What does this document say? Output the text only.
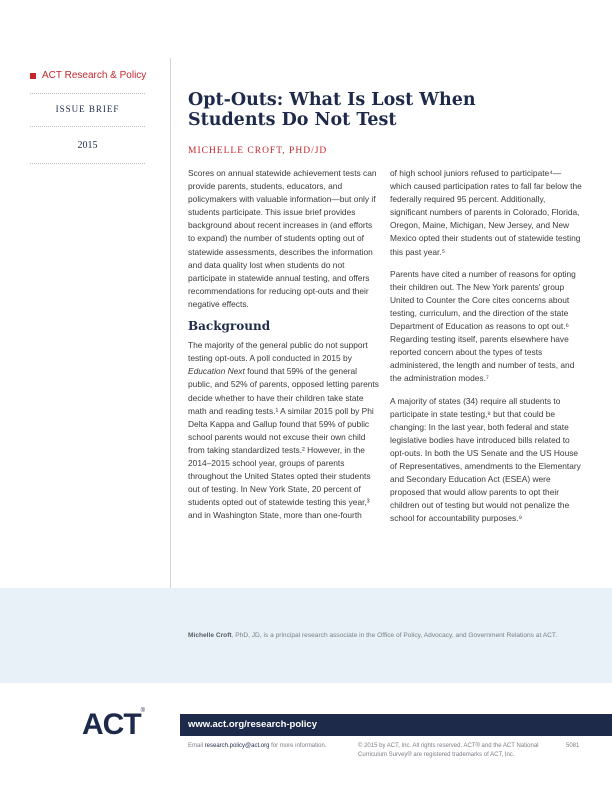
ACT Research & Policy
ISSUE BRIEF
2015
Opt-Outs: What Is Lost When
Students Do Not Test
MICHELLE CROFT, PHD/JD

Scores on annual statewide achievement tests can provide parents, students, educators, and policymakers with valuable information—but only if students participate. This issue brief provides background about recent increases in (and efforts to expand) the number of students opting out of statewide assessments, describes the information and data quality lost when students do not participate in statewide annual testing, and offers recommendations for reducing opt-outs and their negative effects.

Background

The majority of the general public do not support testing opt-outs. A poll conducted in 2015 by Education Next found that 59% of the general public, and 52% of parents, opposed letting parents decide whether to have their children take state math and reading tests.¹ A similar 2015 poll by Phi Delta Kappa and Gallup found that 59% of public school parents would not excuse their own child from taking standardized tests.² However, in the 2014–2015 school year, groups of parents throughout the United States opted their students out of testing. In New York State, 20 percent of students opted out of statewide testing this year,³ and in Washington State, more than one-fourth

of high school juniors refused to participate⁴—which caused participation rates to fall far below the federally required 95 percent. Additionally, significant numbers of parents in Colorado, Florida, Oregon, Maine, Michigan, New Jersey, and New Mexico opted their students out of statewide testing this past year.⁵

Parents have cited a number of reasons for opting their children out. The New York parents' group United to Counter the Core cites concerns about testing, curriculum, and the direction of the state Department of Education as reasons to opt out.⁶ Regarding testing itself, parents elsewhere have reported concern about the types of tests administered, the length and number of tests, and the administration modes.⁷

A majority of states (34) require all students to participate in state testing,⁸ but that could be changing: In the last year, both federal and state legislative bodies have introduced bills related to opt-outs. In both the US Senate and the US House of Representatives, amendments to the Elementary and Secondary Education Act (ESEA) were proposed that would allow parents to opt their children out of testing but would not penalize the school for accountability purposes.⁹

Michelle Croft, PhD, JD, is a principal research associate in the Office of Policy, Advocacy, and Government Relations at ACT.
ACT®
www.act.org/research-policy
Email research.policy@act.org for more information.	© 2015 by ACT, Inc. All rights reserved. ACT® and the ACT National Curriculum Survey® are registered trademarks of ACT, Inc.
5081
